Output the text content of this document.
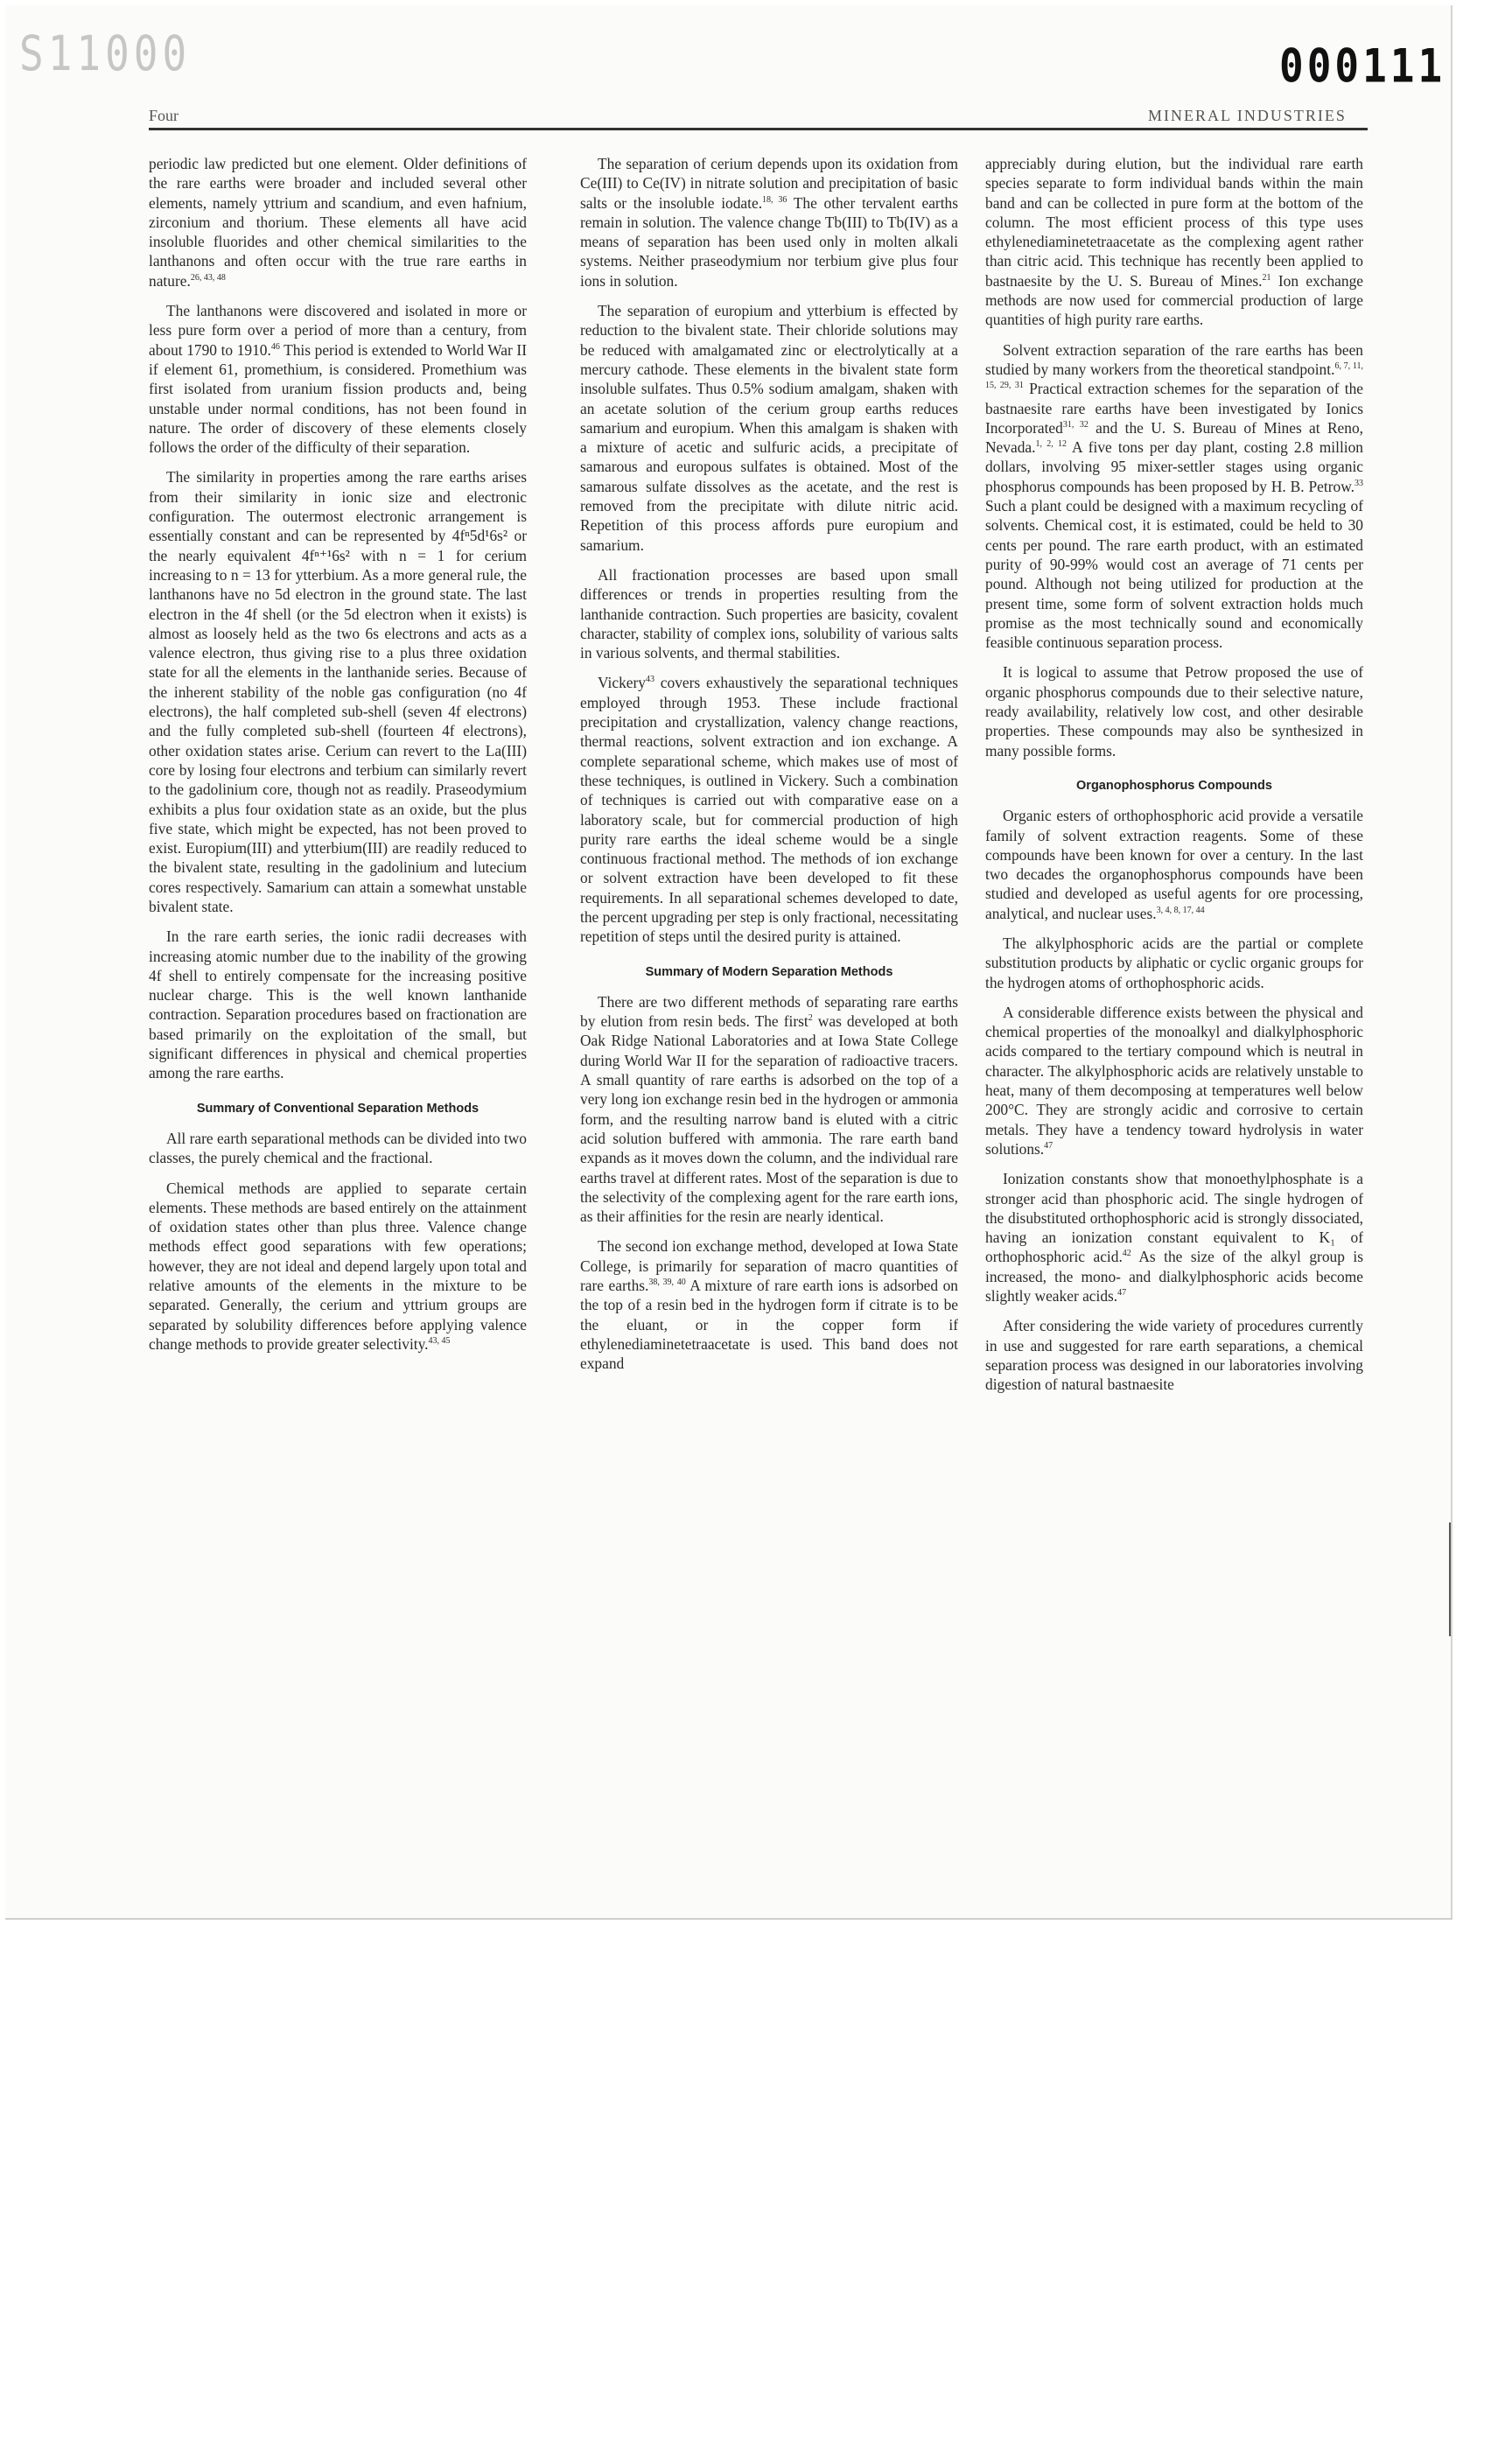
S11000	000111
Four	MINERAL INDUSTRIES

periodic law predicted but one element. Older definitions of the rare earths were broader and included several other elements, namely yttrium and scandium, and even hafnium, zirconium and thorium. These elements all have acid insoluble fluorides and other chemical similarities to the lanthanons and often occur with the true rare earths in nature.$^{26, 43, 48}$

The lanthanons were discovered and isolated in more or less pure form over a period of more than a century, from about 1790 to 1910.46 This period is extended to World War II if element 61, promethium, is considered. Promethium was first isolated from uranium fission products and, being unstable under normal conditions, has not been found in nature. The order of discovery of these elements closely follows the order of the difficulty of their separation.

The similarity in properties among the rare earths arises from their similarity in ionic size and electronic configuration. The outermost electronic arrangement is essentially constant and can be represented by 4fⁿ5d¹6s² or the nearly equivalent 4fⁿ⁺¹6s² with n = 1 for cerium increasing to n = 13 for ytterbium. As a more general rule, the lanthanons have no 5d electron in the ground state. The last electron in the 4f shell (or the 5d electron when it exists) is almost as loosely held as the two 6s electrons and acts as a valence electron, thus giving rise to a plus three oxidation state for all the elements in the lanthanide series. Because of the inherent stability of the noble gas configuration (no 4f electrons), the half completed sub-shell (seven 4f electrons) and the fully completed sub-shell (fourteen 4f electrons), other oxidation states arise. Cerium can revert to the La(III) core by losing four electrons and terbium can similarly revert to the gadolinium core, though not as readily. Praseodymium exhibits a plus four oxidation state as an oxide, but the plus five state, which might be expected, has not been proved to exist. Europium(III) and ytterbium(III) are readily reduced to the bivalent state, resulting in the gadolinium and lutecium cores respectively. Samarium can attain a somewhat unstable bivalent state.

In the rare earth series, the ionic radii decreases with increasing atomic number due to the inability of the growing 4f shell to entirely compensate for the increasing positive nuclear charge. This is the well known lanthanide contraction. Separation procedures based on fractionation are based primarily on the exploitation of the small, but significant differences in physical and chemical properties among the rare earths.

Summary of Conventional Separation Methods

All rare earth separational methods can be divided into two classes, the purely chemical and the fractional.

Chemical methods are applied to separate certain elements. These methods are based entirely on the attainment of oxidation states other than plus three. Valence change methods effect good separations with few operations; however, they are not ideal and depend largely upon total and relative amounts of the elements in the mixture to be separated. Generally, the cerium and yttrium groups are separated by solubility differences before applying valence change methods to provide greater selectivity.$^{43, 45}$

The separation of cerium depends upon its oxidation from Ce(III) to Ce(IV) in nitrate solution and precipitation of basic salts or the insoluble iodate.$^{18, 36}$ The other tervalent earths remain in solution. The valence change Tb(III) to Tb(IV) as a means of separation has been used only in molten alkali systems. Neither praseodymium nor terbium give plus four ions in solution.

The separation of europium and ytterbium is effected by reduction to the bivalent state. Their chloride solutions may be reduced with amalgamated zinc or electrolytically at a mercury cathode. These elements in the bivalent state form insoluble sulfates. Thus 0.5% sodium amalgam, shaken with an acetate solution of the cerium group earths reduces samarium and europium. When this amalgam is shaken with a mixture of acetic and sulfuric acids, a precipitate of samarous and europous sulfates is obtained. Most of the samarous sulfate dissolves as the acetate, and the rest is removed from the precipitate with dilute nitric acid. Repetition of this process affords pure europium and samarium.

All fractionation processes are based upon small differences or trends in properties resulting from the lanthanide contraction. Such properties are basicity, covalent character, stability of complex ions, solubility of various salts in various solvents, and thermal stabilities.

Vickery$^{43}$ covers exhaustively the separational techniques employed through 1953. These include fractional precipitation and crystallization, valency change reactions, thermal reactions, solvent extraction and ion exchange. A complete separational scheme, which makes use of most of these techniques, is outlined in Vickery. Such a combination of techniques is carried out with comparative ease on a laboratory scale, but for commercial production of high purity rare earths the ideal scheme would be a single continuous fractional method. The methods of ion exchange or solvent extraction have been developed to fit these requirements. In all separational schemes developed to date, the percent upgrading per step is only fractional, necessitating repetition of steps until the desired purity is attained.

Summary of Modern Separation Methods

There are two different methods of separating rare earths by elution from resin beds. The first$^2$ was developed at both Oak Ridge National Laboratories and at Iowa State College during World War II for the separation of radioactive tracers. A small quantity of rare earths is adsorbed on the top of a very long ion exchange resin bed in the hydrogen or ammonia form, and the resulting narrow band is eluted with a citric acid solution buffered with ammonia. The rare earth band expands as it moves down the column, and the individual rare earths travel at different rates. Most of the separation is due to the selectivity of the complexing agent for the rare earth ions, as their affinities for the resin are nearly identical.

The second ion exchange method, developed at Iowa State College, is primarily for separation of macro quantities of rare earths.$^{38, 39, 40}$ A mixture of rare earth ions is adsorbed on the top of a resin bed in the hydrogen form if citrate is to be the eluant, or in the copper form if ethylenediaminetetraacetate is used. This band does not expand

appreciably during elution, but the individual rare earth species separate to form individual bands within the main band and can be collected in pure form at the bottom of the column. The most efficient process of this type uses ethylenediaminetetraacetate as the complexing agent rather than citric acid. This technique has recently been applied to bastnaesite by the U. S. Bureau of Mines.$^{21}$ Ion exchange methods are now used for commercial production of large quantities of high purity rare earths.

Solvent extraction separation of the rare earths has been studied by many workers from the theoretical standpoint.$^{6, 7, 11, 15, 29, 31}$ Practical extraction schemes for the separation of the bastnaesite rare earths have been investigated by Ionics Incorporated$^{31, 32}$ and the U. S. Bureau of Mines at Reno, Nevada.$^{1, 2, 12}$ A five tons per day plant, costing 2.8 million dollars, involving 95 mixer-settler stages using organic phosphorus compounds has been proposed by H. B. Petrow.$^{33}$ Such a plant could be designed with a maximum recycling of solvents. Chemical cost, it is estimated, could be held to 30 cents per pound. The rare earth product, with an estimated purity of 90-99% would cost an average of 71 cents per pound. Although not being utilized for production at the present time, some form of solvent extraction holds much promise as the most technically sound and economically feasible continuous separation process.

It is logical to assume that Petrow proposed the use of organic phosphorus compounds due to their selective nature, ready availability, relatively low cost, and other desirable properties. These compounds may also be synthesized in many possible forms.

Organophosphorus Compounds

Organic esters of orthophosphoric acid provide a versatile family of solvent extraction reagents. Some of these compounds have been known for over a century. In the last two decades the organophosphorus compounds have been studied and developed as useful agents for ore processing, analytical, and nuclear uses.$^{3, 4, 8, 17, 44}$

The alkylphosphoric acids are the partial or complete substitution products by aliphatic or cyclic organic groups for the hydrogen atoms of orthophosphoric acids.

A considerable difference exists between the physical and chemical properties of the monoalkyl and dialkylphosphoric acids compared to the tertiary compound which is neutral in character. The alkylphosphoric acids are relatively unstable to heat, many of them decomposing at temperatures well below 200°C. They are strongly acidic and corrosive to certain metals. They have a tendency toward hydrolysis in water solutions.$^{47}$

Ionization constants show that monoethylphosphate is a stronger acid than phosphoric acid. The single hydrogen of the disubstituted orthophosphoric acid is strongly dissociated, having an ionization constant equivalent to K₁ of orthophosphoric acid.$^{42}$ As the size of the alkyl group is increased, the mono- and dialkylphosphoric acids become slightly weaker acids.$^{47}$

After considering the wide variety of procedures currently in use and suggested for rare earth separations, a chemical separation process was designed in our laboratories involving digestion of natural bastnaesite
